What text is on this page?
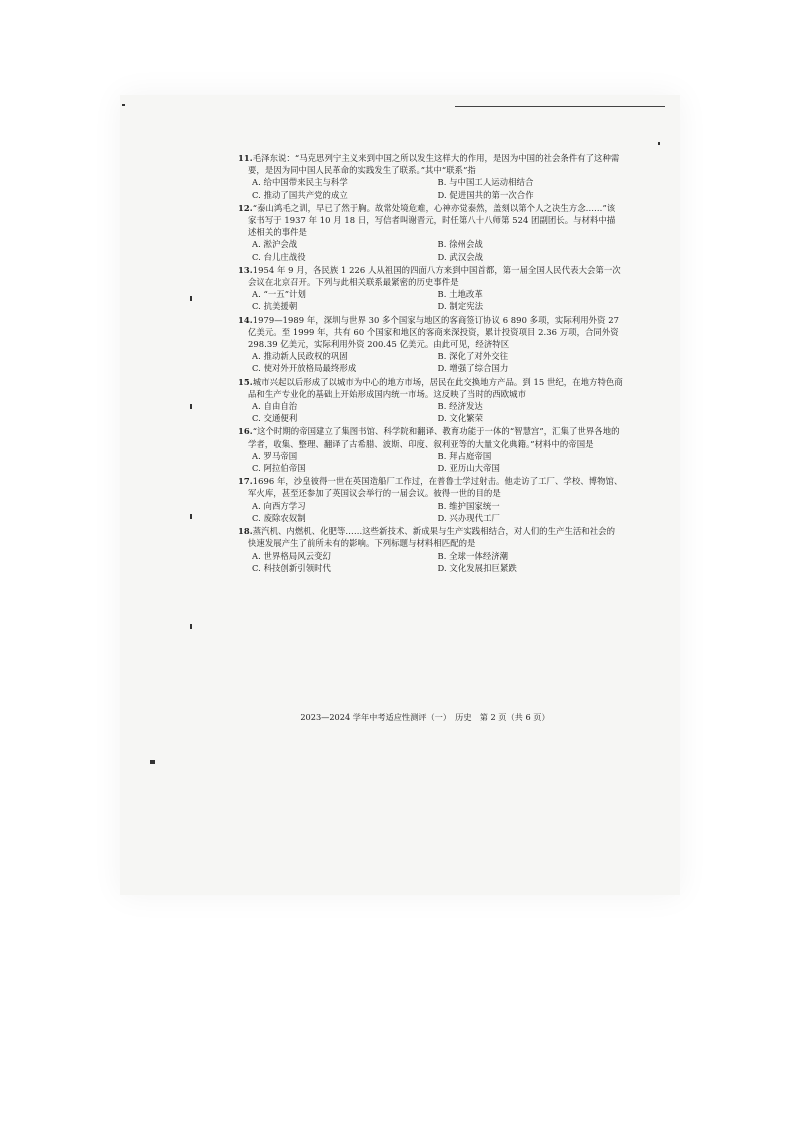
11.毛泽东说：“马克思列宁主义来到中国之所以发生这样大的作用，是因为中国的社会条件有了这种需要，是因为同中国人民革命的实践发生了联系。”其中“联系”指

A. 给中国带来民主与科学	B. 与中国工人运动相结合
C. 推动了国共产党的成立	D. 促进国共的第一次合作

12.“泰山鸿毛之训，早已了然于胸。故常处境危难，心神亦觉泰然，盖刻以第个人之决生方念……”该家书写于 1937 年 10 月 18 日，写信者叫谢晋元，时任第八十八师第 524 团副团长。与材料中描述相关的事件是

A. 淞沪会战	B. 徐州会战
C. 台儿庄战役	D. 武汉会战

13.1954 年 9 月，各民族 1 226 人从祖国的四面八方来到中国首都，第一届全国人民代表大会第一次会议在北京召开。下列与此相关联系最紧密的历史事件是

A. “一五”计划	B. 土地改革
C. 抗美援朝	D. 制定宪法

14.1979—1989 年，深圳与世界 30 多个国家与地区的客商签订协议 6 890 多项，实际利用外资 27 亿美元。至 1999 年，共有 60 个国家和地区的客商来深投资，累计投资项目 2.36 万项，合同外资 298.39 亿美元，实际利用外资 200.45 亿美元。由此可见，经济特区

A. 推动新人民政权的巩固	B. 深化了对外交往
C. 使对外开放格局最终形成	D. 增强了综合国力

15.城市兴起以后形成了以城市为中心的地方市场，居民在此交换地方产品。到 15 世纪，在地方特色商品和生产专业化的基础上开始形成国内统一市场。这反映了当时的西欧城市

A. 自由自治	B. 经济发达
C. 交通便利	D. 文化繁荣

16.“这个时期的帝国建立了集图书馆、科学院和翻译、教育功能于一体的“智慧宫”，汇集了世界各地的学者，收集、整理、翻译了古希腊、波斯、印度、叙利亚等的大量文化典籍。”材料中的帝国是

A. 罗马帝国	B. 拜占庭帝国
C. 阿拉伯帝国	D. 亚历山大帝国

17.1696 年，沙皇彼得一世在英国造船厂工作过，在普鲁士学过射击。他走访了工厂、学校、博物馆、军火库，甚至还参加了英国议会举行的一届会议。彼得一世的目的是

A. 向西方学习	B. 维护国家统一
C. 废除农奴制	D. 兴办现代工厂

18.蒸汽机、内燃机、化肥等……这些新技术、新成果与生产实践相结合，对人们的生产生活和社会的快速发展产生了前所未有的影响。下列标题与材料相匹配的是

A. 世界格局风云变幻	B. 全球一体经济潮
C. 科技创新引领时代	D. 文化发展扣巨紧跌
2023—2024 学年中考适应性测评（一）　历史　第 2 页（共 6 页）
